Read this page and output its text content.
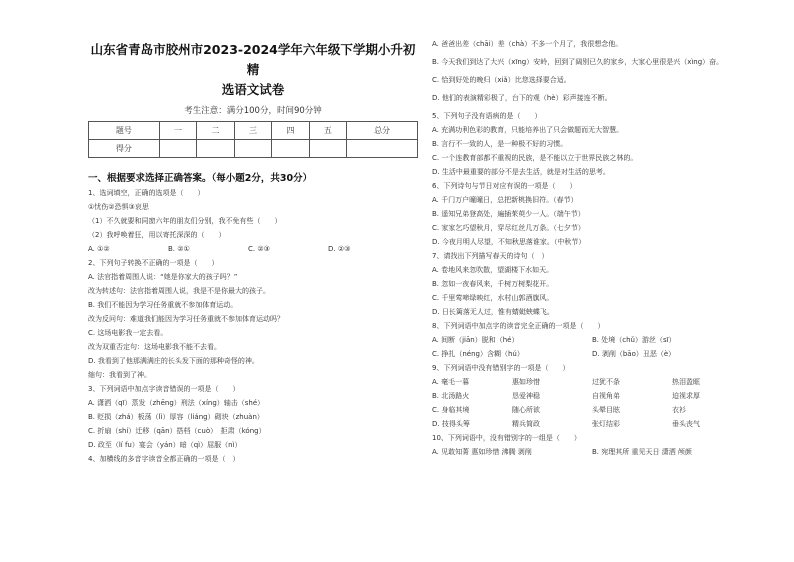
山东省青岛市胶州市2023-2024学年六年级下学期小升初精
选语文试卷
考生注意：满分100分，时间90分钟
题号	一	二	三	四	五	总分
得分						
一、根据要求选择正确答案。（每小题2分，共30分）
1、选词填空，正确的选项是（　　）
①忧伤②恐惧③哀思
（1）不久就要和同窗六年的朋友们分别，我不免有些（　　）
（2）我呼唤着狂，用以寄托深深的（　　）
A. ①②	B. ②①	C. ②③	D. ②③
2、下列句子转换不正确的一项是（　　）
A. 法官指着周围人说：“她是你家大的孩子吗？”
改为转述句：法官指着周围人说，我是不是你最大的孩子。
B. 我们不能因为学习任务重就不参加体育运动。
改为反问句：难道我们能因为学习任务重就不参加体育运动吗？
C. 这场电影我一定去看。
改为双重否定句：这场电影我不能不去看。
D. 我看到了他那满满庄的长头发下面的那种奇怪的神。
缩句：我看到了神。
3、下列词语中加点字读音错误的一项是（　　）
A. 潇洒（qī）蒸发（zhēng）刑法（xíng）轴击（shé）
B. 贬损（zhá）板荡（lì）厚容（liáng）砌块（zhuàn）
C. 折扇（shí）迁移（qān）搭档（cuò）　拒肃（kóng）
D. 政至（lí fu）宴会（yán）暗（qì）屈服（nì）
4、加横线的多音字读音全都正确的一项是（　）
A. 爸爸出差（chāi）差（chà）不多一个月了，我很想念他。
B. 今天我们到达了大兴（xīng）安岭，回到了阔别已久的家乡，大家心里很是兴（xìng）奋。
C. 恰到好处的晚归（xiǎ）比您选择要合适。
D. 他们的表演精彩极了，台下的观（hè）彩声接连不断。
5、下列句子没有语病的是（　　）
A. 充满功利色彩的教育，只能培养出了只会做题而无大智慧。
B. 言行不一致的人，是一种极不好的习惯。
C. 一个连教育部都不重视的民族，是不能以立于世界民族之林的。
D. 生活中最重要的部分不是去生活，就是对生活的思考。
6、下列诗句与节日对应有误的一项是（　　）
A. 千门万户曈曈日，总把新桃换旧符。（春节）
B. 遥知兄弟登高处，遍插茱萸少一人。（端午节）
C. 家家乞巧望秋月，穿尽红丝几万条。（七夕节）
D. 今夜月明人尽望，不知秋思落谁家。（中秋节）
7、请找出下列描写春天的诗句（　）
A. 卷地风来忽吹散，望湖楼下水如天。
B. 忽如一夜春风来，千树万树梨花开。
C. 千里莺啼绿映红，水村山郭酒旗风。
D. 日长篱落无人过，惟有蜻蜓蛱蝶飞。
8、下列词语中加点字的读音完全正确的一项是（　　）
A. 间断（jiān）脱和（hé）	B. 处境（chǔ）游丝（sī）
C. 挣扎（néng）含糊（hú）	D. 剥削（bāo）丑恶（è）
9、下列词语中没有错别字的一项是（　　）
A. 毫毛一暮	惠如珍惜	过犹不条	热泪盈眶
B. 北汤路火	恳爱神稳	自视角弟	迫视求厚
C. 身临其境	随心所欲	头晕目眩	衣衫
D. 技得头筹	精兵简政	张灯结彩	垂头丧气
10、下列词语中，没有错别字的一组是（　　）
A. 见敢知菁 惠如珍惜 沸腾 剥削	B. 宛理其所 重见天日 潇洒 颅颜
